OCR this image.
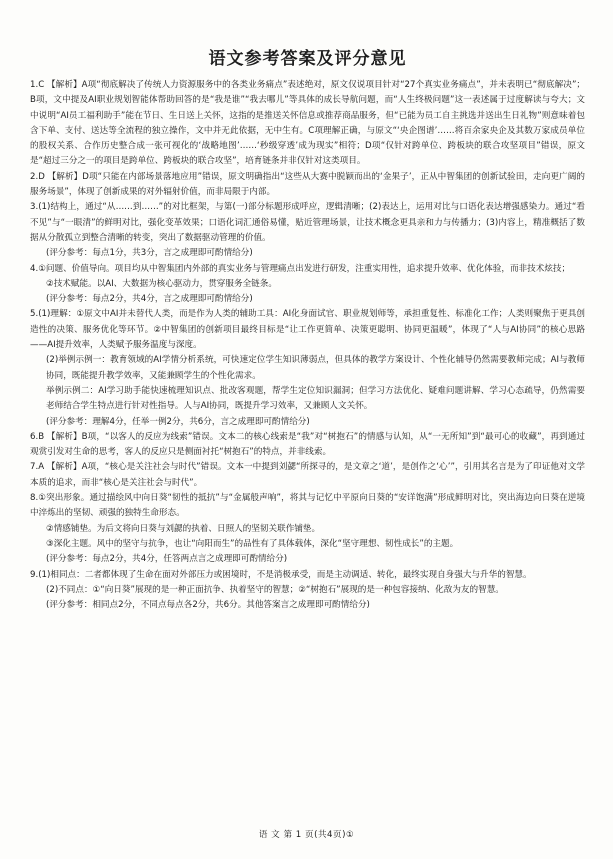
语文参考答案及评分意见

1.C 【解析】A项“彻底解决了传统人力资源服务中的各类业务痛点”表述绝对，原文仅说项目针对“27个真实业务痛点”，并未表明已“彻底解决”；B项，文中提及AI职业规划智能体帮助回答的是“我是谁”“我去哪儿”等具体的成长导航问题，而“人生终极问题”这一表述属于过度解读与夸大；文中说明“AI员工福利助手”能在节日、生日送上关怀，这指的是推送关怀信息或推荐商品服务，但“已能为员工自主挑选并送出生日礼物”则意味着包含下单、支付、送达等全流程的独立操作，文中并无此依据，无中生有。C项理解正确，与原文“‘央企图谱’……将百余家央企及其数万家成员单位的股权关系、合作历史整合成一张可视化的‘战略地图’……‘秒级穿透’成为现实”相符；D项“仅针对跨单位、跨板块的联合攻坚项目”错误，原文是“超过三分之一的项目是跨单位、跨板块的联合攻坚”，培育链条并非仅针对这类项目。

2.D 【解析】D项“只能在内部场景落地应用”错误，原文明确指出“这些从大赛中脱颖而出的‘金果子’，正从中智集团的创新试验田，走向更广阔的服务场景”，体现了创新成果的对外辐射价值，而非局限于内部。

3.(1)结构上，通过“从……到……”的对比框架，与第(一)部分标题形成呼应，逻辑清晰；(2)表达上，运用对比与口语化表达增强感染力。通过“看不见”与“一眼清”的鲜明对比，强化变革效果；口语化词汇通俗易懂，贴近管理场景，让技术概念更具亲和力与传播力；(3)内容上，精准概括了数据从分散孤立到整合清晰的转变，突出了数据驱动管理的价值。

(评分参考：每点1分，共3分，言之成理即可酌情给分)

4.①问题、价值导向。项目均从中智集团内外部的真实业务与管理痛点出发进行研发，注重实用性，追求提升效率、优化体验，而非技术炫技；

②技术赋能。以AI、大数据为核心驱动力，贯穿服务全链条。

(评分参考：每点2分，共4分，言之成理即可酌情给分)

5.(1)理解：①原文中AI并未替代人类，而是作为人类的辅助工具：AI化身面试官、职业规划师等，承担重复性、标准化工作；人类则聚焦于更具创造性的决策、服务优化等环节。②中智集团的创新项目最终目标是“让工作更简单、决策更聪明、协同更温暖”，体现了“人与AI协同”的核心思路——AI提升效率，人类赋予服务温度与深度。

(2)举例示例一：教育领域的AI学情分析系统，可快速定位学生知识薄弱点，但具体的教学方案设计、个性化辅导仍然需要教师完成；AI与教师协同，既能提升教学效率，又能兼顾学生的个性化需求。

举例示例二：AI学习助手能快速梳理知识点、批改客观题，帮学生定位知识漏洞；但学习方法优化、疑难问题讲解、学习心态疏导，仍然需要老师结合学生特点进行针对性指导。人与AI协同，既提升学习效率，又兼顾人文关怀。

(评分参考：理解4分，任举一例2分，共6分，言之成理即可酌情给分)

6.B 【解析】B项，“以客人的反应为线索”错误。文本二的核心线索是“我”对“树抱石”的情感与认知，从“一无所知”到“最可心的收藏”，再到通过观赏引发对生命的思考，客人的反应只是侧面衬托“树抱石”的特点，并非线索。

7.A 【解析】A项，“核心是关注社会与时代”错误。文本一中提到刘勰“所探寻的，是文章之‘道’，是创作之‘心’”，引用其名言是为了印证他对文学本质的追求，而非“核心是关注社会与时代”。

8.①突出形象。通过描绘风中向日葵“韧性的抵抗”与“金属般声响”，将其与记忆中平原向日葵的“安详饱满”形成鲜明对比，突出海边向日葵在逆境中淬炼出的坚韧、顽强的独特生命形态。

②情感铺垫。为后文将向日葵与刘勰的执着、日照人的坚韧关联作铺垫。

③深化主题。风中的坚守与抗争，也让“向阳而生”的品性有了具体载体，深化“坚守理想、韧性成长”的主题。

(评分参考：每点2分，共4分，任答两点言之成理即可酌情给分)

9.(1)相同点：二者都体现了生命在面对外部压力或困境时，不是消极承受，而是主动调适、转化，最终实现自身强大与升华的智慧。

(2)不同点：①“向日葵”展现的是一种正面抗争、执着坚守的智慧；②“树抱石”展现的是一种包容接纳、化敌为友的智慧。

(评分参考：相同点2分，不同点每点各2分，共6分。其他答案言之成理即可酌情给分)

语 文 第 1 页(共4页)①
